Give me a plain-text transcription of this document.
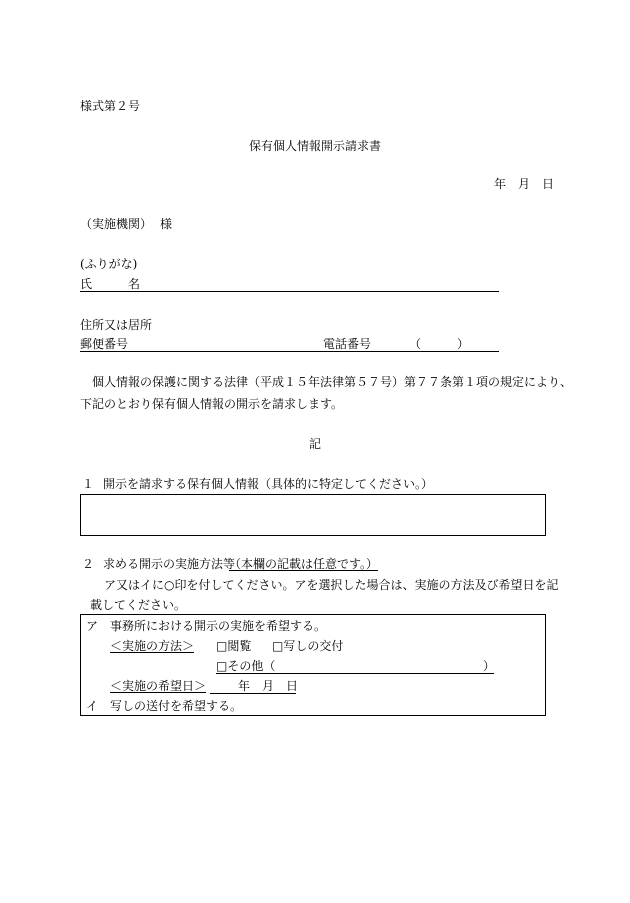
様式第２号
保有個人情報開示請求書
年　月　日
（実施機関） 様
(ふりがな)
氏　　　名
住所又は居所
郵便番号	電話番号	（　　　）
個人情報の保護に関する法律（平成１５年法律第５７号）第７７条第１項の規定により、
下記のとおり保有個人情報の開示を請求します。
記
１ 開示を請求する保有個人情報（具体的に特定してください。）
２ 求める開示の実施方法等
（本欄の記載は任意です。）
ア又はイに○印を付してください。アを選択した場合は、実施の方法及び希望日を記
載してください。
ア 事務所における開示の実施を希望する。
＜実施の方法＞ □閲覧 □写しの交付
□その他（	）
＜実施の希望日＞	年　月　日
イ 写しの送付を希望する。
